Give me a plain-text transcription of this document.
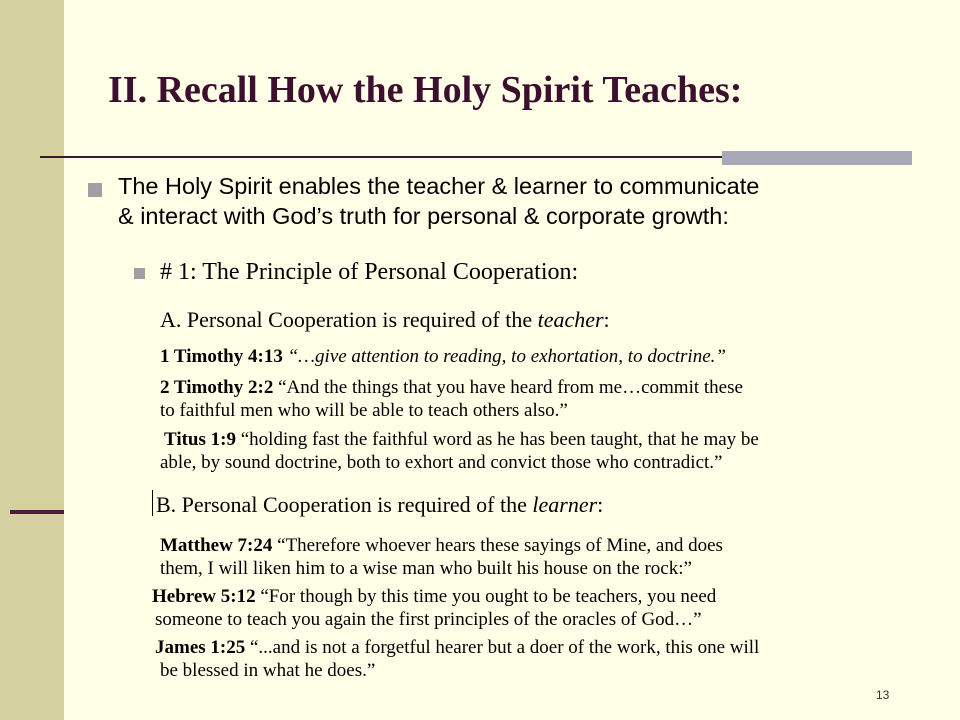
II. Recall How the Holy Spirit Teaches:
The Holy Spirit enables the teacher & learner to communicate
& interact with God’s truth for personal & corporate growth:
# 1: The Principle of Personal Cooperation:
A. Personal Cooperation is required of the teacher:
1 Timothy 4:13 “…give attention to reading, to exhortation, to doctrine.”
2 Timothy 2:2 “And the things that you have heard from me…commit these
to faithful men who will be able to teach others also.”
Titus 1:9 “holding fast the faithful word as he has been taught, that he may be
able, by sound doctrine, both to exhort and convict those who contradict.”
B. Personal Cooperation is required of the learner:
Matthew 7:24 “Therefore whoever hears these sayings of Mine, and does
them, I will liken him to a wise man who built his house on the rock:”
Hebrew 5:12 “For though by this time you ought to be teachers, you need
someone to teach you again the first principles of the oracles of God…”
James 1:25 “...and is not a forgetful hearer but a doer of the work, this one will
be blessed in what he does.”
13
